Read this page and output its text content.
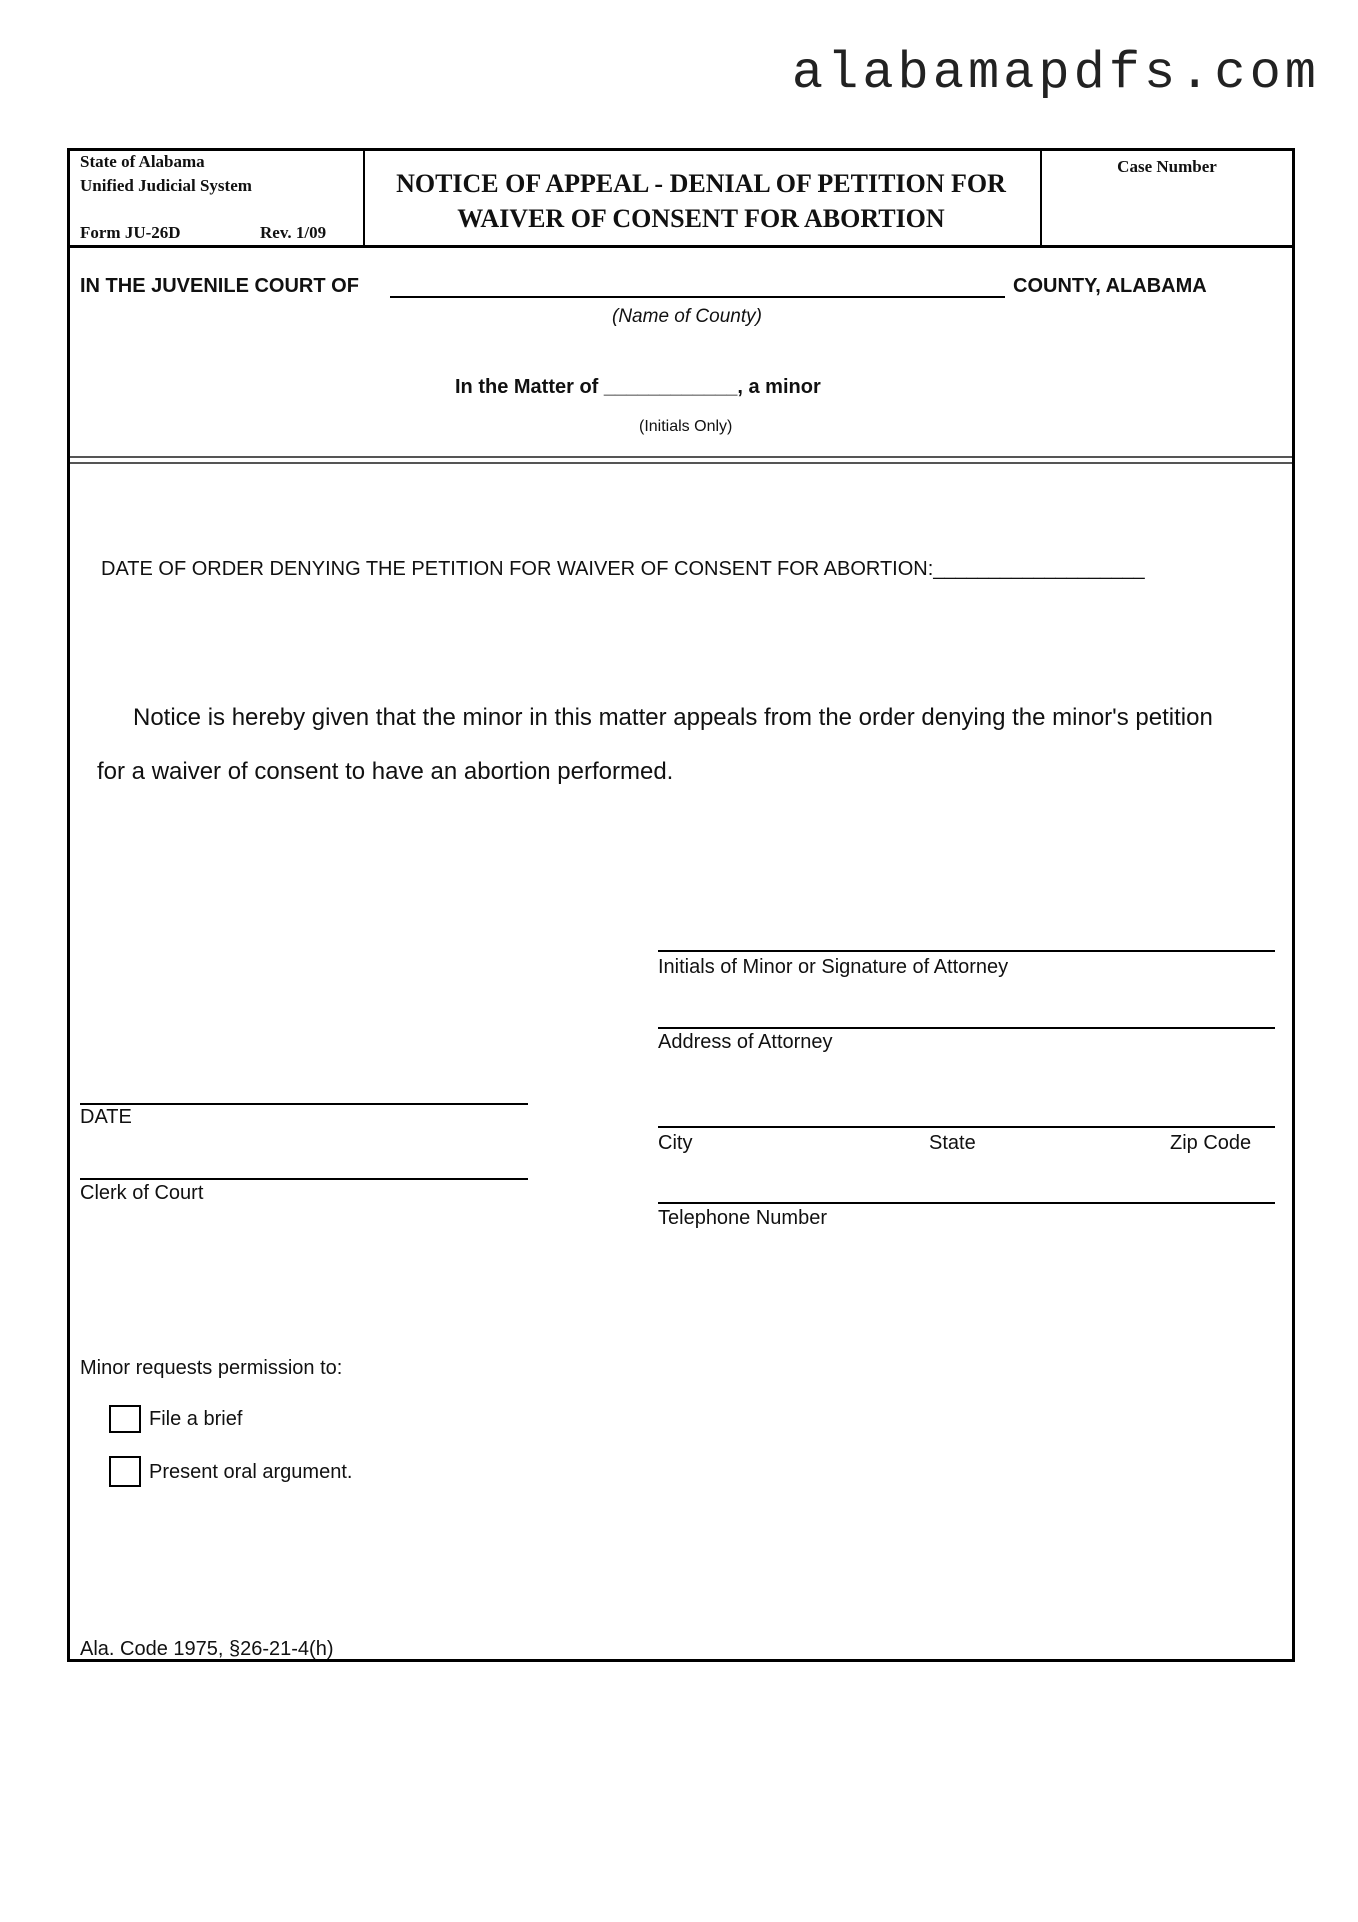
alabamapdfs.com
State of Alabama
Unified Judicial System
Form JU-26D	Rev. 1/09
NOTICE OF APPEAL - DENIAL OF PETITION FOR
WAIVER OF CONSENT FOR ABORTION
Case Number
IN THE JUVENILE COURT OF	COUNTY, ALABAMA
(Name of County)
In the Matter of ____________, a minor
(Initials Only)
DATE OF ORDER DENYING THE PETITION FOR WAIVER OF CONSENT FOR ABORTION:___________________
Notice is hereby given that the minor in this matter appeals from the order denying the minor's petition
for a waiver of consent to have an abortion performed.
Initials of Minor or Signature of Attorney
Address of Attorney
City	State	Zip Code
Telephone Number
DATE
Clerk of Court
Minor requests permission to:
File a brief
Present oral argument.
Ala. Code 1975, §26-21-4(h)
